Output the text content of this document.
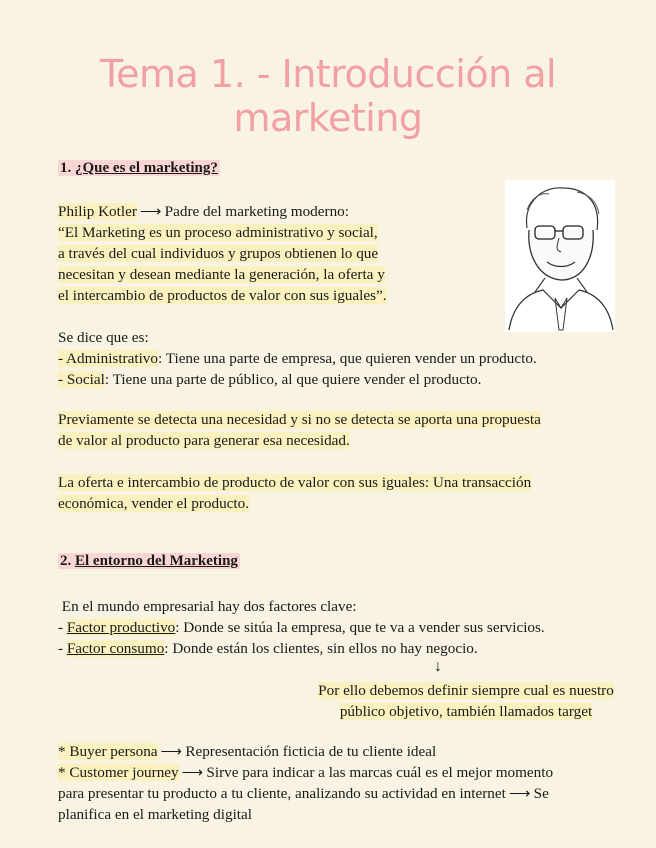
Tema 1. - Introducción al marketing
1. ¿Que es el marketing?

Philip Kotler ⟶ Padre del marketing moderno:

“El Marketing es un proceso administrativo y social,

a través del cual individuos y grupos obtienen lo que

necesitan y desean mediante la generación, la oferta y

el intercambio de productos de valor con sus iguales”.

Se dice que es:

- Administrativo: Tiene una parte de empresa, que quieren vender un producto.

- Social: Tiene una parte de público, al que quiere vender el producto.

Previamente se detecta una necesidad y si no se detecta se aporta una propuesta

de valor al producto para generar esa necesidad.

La oferta e intercambio de producto de valor con sus iguales: Una transacción

económica, vender el producto.

2. El entorno del Marketing

En el mundo empresarial hay dos factores clave:

- Factor productivo: Donde se sitúa la empresa, que te va a vender sus servicios.

- Factor consumo: Donde están los clientes, sin ellos no hay negocio.

↓

Por ello debemos definir siempre cual es nuestro

público objetivo, también llamados target

* Buyer persona ⟶ Representación ficticia de tu cliente ideal

* Customer journey ⟶ Sirve para indicar a las marcas cuál es el mejor momento

para presentar tu producto a tu cliente, analizando su actividad en internet ⟶ Se

planifica en el marketing digital
